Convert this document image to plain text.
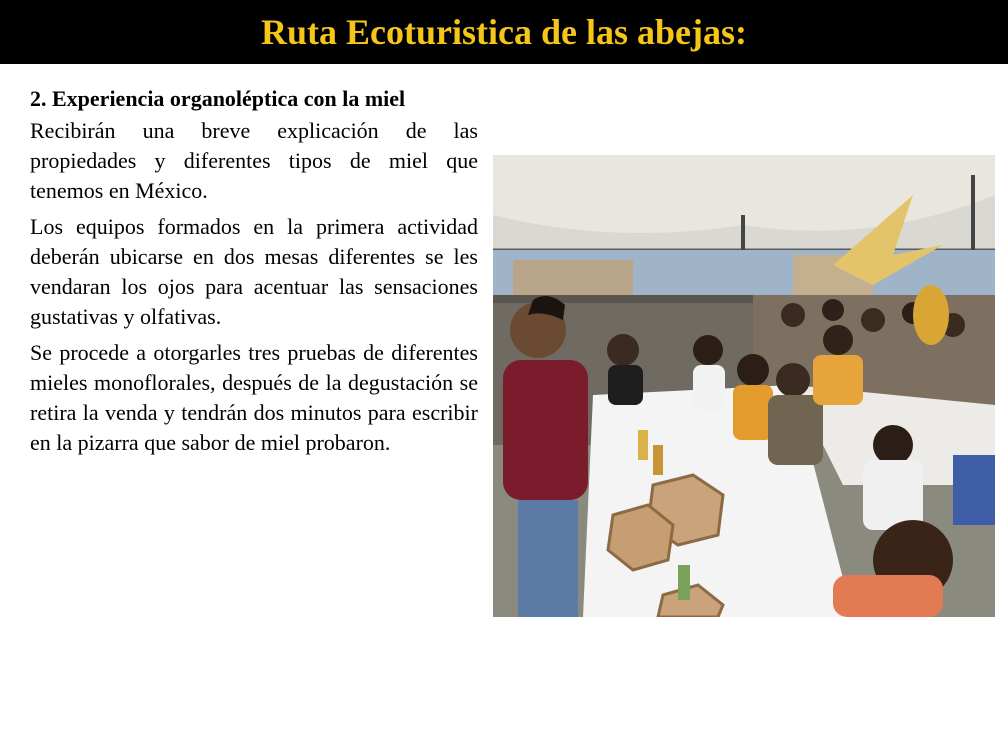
Ruta Ecoturistica de las abejas:
2. Experiencia organoléptica con la miel

Recibirán una breve explicación de las propiedades y diferentes tipos de miel que tenemos en México.

Los equipos formados en la primera actividad deberán ubicarse en dos mesas diferentes se les vendaran los ojos para acentuar las sensaciones gustativas y olfativas.

Se procede a otorgarles tres pruebas de diferentes mieles monoflorales, después de la degustación se retira la venda y tendrán dos minutos para escribir en la pizarra que sabor de miel probaron.
